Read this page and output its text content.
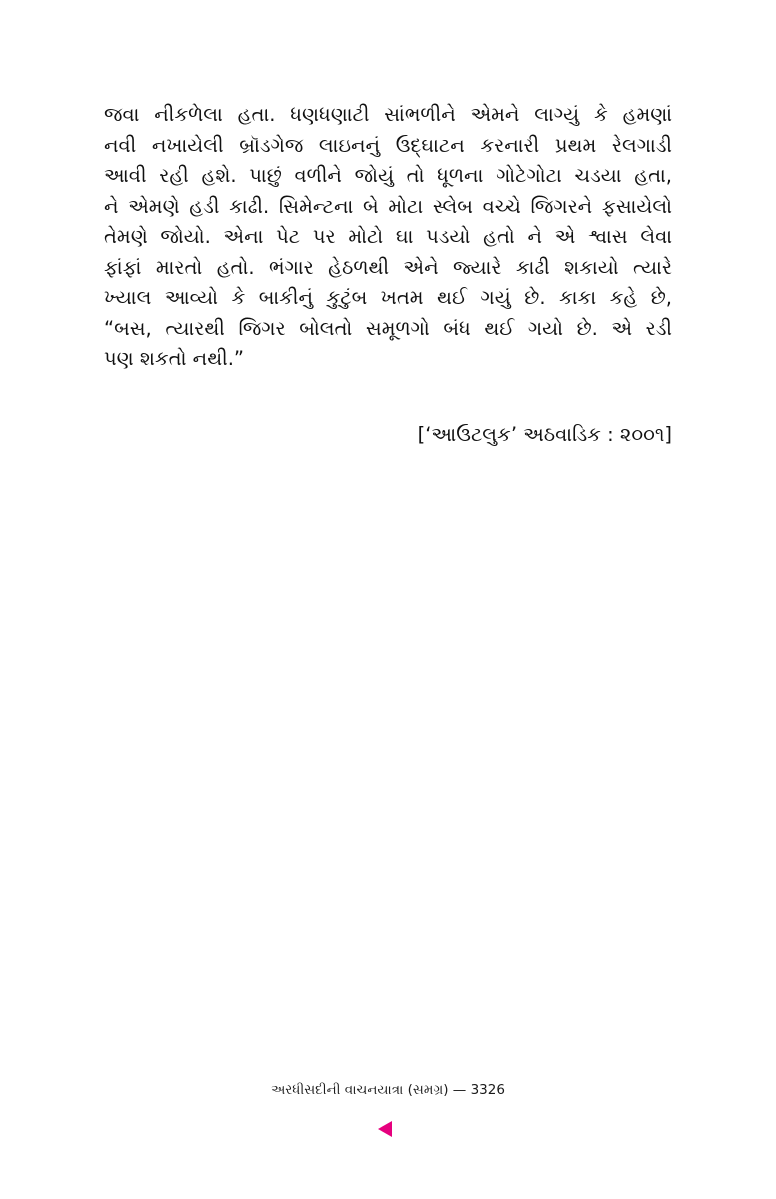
જવા નીકળેલા હતા. ધણધણાટી સાંભળીને એમને લાગ્યું કે હમણાં
નવી નખાયેલી બ્રૉડગેજ લાઇનનું ઉદ્ઘાટન કરનારી પ્રથમ રેલગાડી
આવી રહી હશે. પાછું વળીને જોયું તો ધૂળના ગોટેગોટા ચડયા હતા,
ને એમણે હડી કાઢી. સિમેન્ટના બે મોટા સ્લેબ વચ્ચે જિગરને ફસાયેલો
તેમણે જોયો. એના પેટ પર મોટો ઘા પડયો હતો ને એ શ્વાસ લેવા
ફાંફાં મારતો હતો. ભંગાર હેઠળથી એને જ્યારે કાઢી શકાયો ત્યારે
ખ્યાલ આવ્યો કે બાકીનું કુટુંબ ખતમ થઈ ગયું છે. કાકા કહે છે,
“બસ, ત્યારથી જિગર બોલતો સમૂળગો બંધ થઈ ગયો છે. એ રડી
પણ શકતો નથી.”
[‘આઉટલુક’ અઠવાડિક : ૨૦૦૧]
અરધીસદીની વાચનયાત્રા (સમગ્ર) — 3326
